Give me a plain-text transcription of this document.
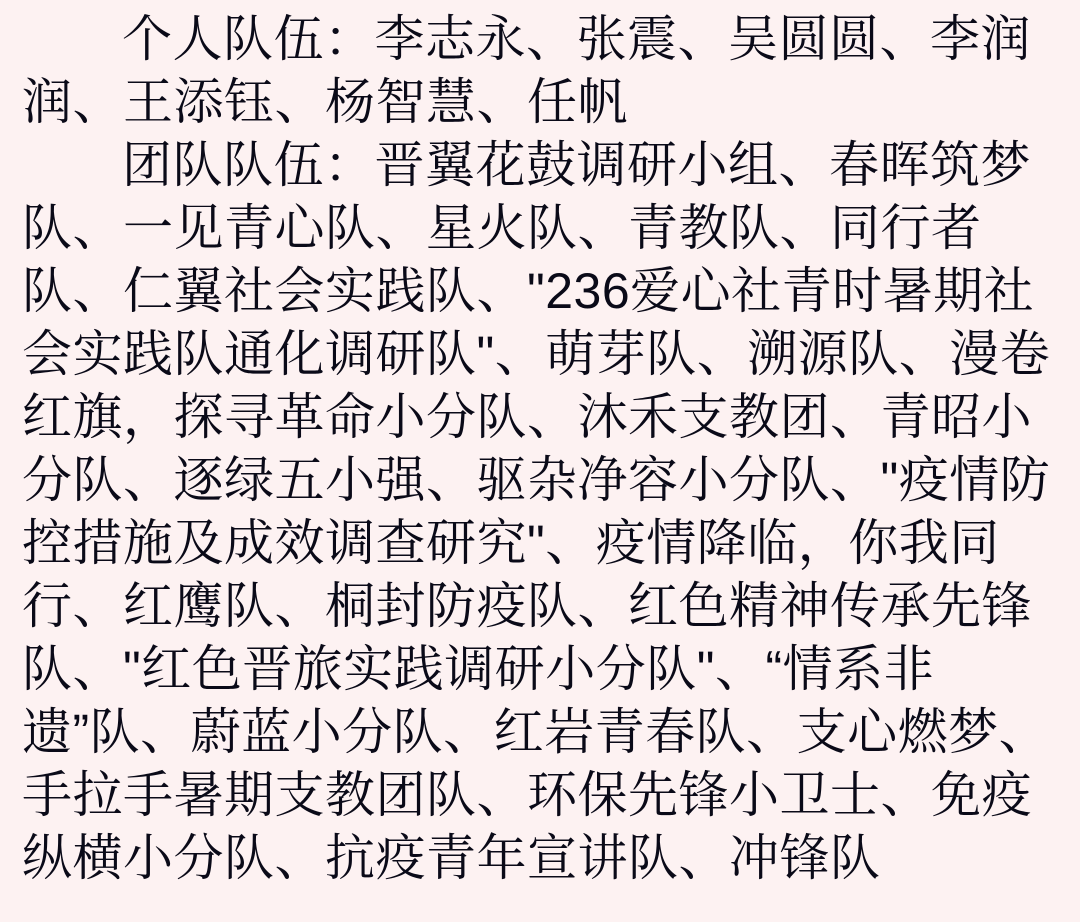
个人队伍：李志永、张震、吴圆圆、李润润、王添钰、杨智慧、任帆

团队队伍：晋翼花鼓调研小组、春晖筑梦队、一见青心队、星火队、青教队、同行者队、仁翼社会实践队、"236爱心社青时暑期社会实践队通化调研队"、萌芽队、溯源队、漫卷红旗，探寻革命小分队、沐禾支教团、青昭小分队、逐绿五小强、驱杂净容小分队、"疫情防控措施及成效调查研究"、疫情降临，你我同行、红鹰队、桐封防疫队、红色精神传承先锋队、"红色晋旅实践调研小分队"、“情系非遗”队、蔚蓝小分队、红岩青春队、支心燃梦、手拉手暑期支教团队、环保先锋小卫士、免疫纵横小分队、抗疫青年宣讲队、冲锋队
